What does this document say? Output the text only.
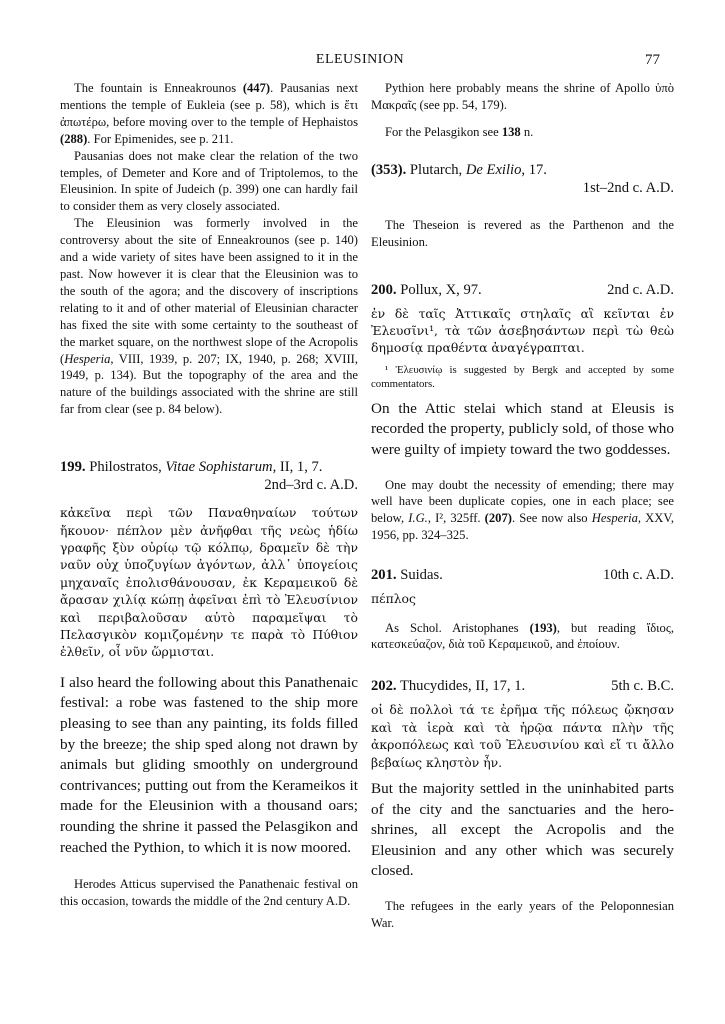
ELEUSINION	77

The fountain is Enneakrounos (447). Pausanias next mentions the temple of Eukleia (see p. 58), which is ἔτι ἀπωτέρω, before moving over to the temple of Hephaistos (288). For Epimenides, see p. 211.

Pausanias does not make clear the relation of the two temples, of Demeter and Kore and of Triptolemos, to the Eleusinion. In spite of Judeich (p. 399) one can hardly fail to consider them as very closely associated.

The Eleusinion was formerly involved in the controversy about the site of Enneakrounos (see p. 140) and a wide variety of sites have been assigned to it in the past. Now however it is clear that the Eleusinion was to the south of the agora; and the discovery of inscriptions relating to it and of other material of Eleusinian character has fixed the site with some certainty to the southeast of the market square, on the northwest slope of the Acropolis (Hesperia, VIII, 1939, p. 207; IX, 1940, p. 268; XVIII, 1949, p. 134). But the topography of the area and the nature of the buildings associated with the shrine are still far from clear (see p. 84 below).

199. Philostratos, Vitae Sophistarum, II, 1, 7.
2nd–3rd c. A.D.

κἀκεῖνα περὶ τῶν Παναθηναίων τούτων ἤκουον· πέπλον μὲν ἀνῆφθαι τῆς νεὼς ἡδίω γραφῆς ξὺν οὐρίῳ τῷ κόλπῳ, δραμεῖν δὲ τὴν ναῦν οὐχ ὑποζυγίων ἀγόντων, ἀλλ᾽ ὑπογείοις μηχαναῖς ἐπολισθάνουσαν, ἐκ Κεραμεικοῦ δὲ ἄρασαν χιλίᾳ κώπῃ ἀφεῖναι ἐπὶ τὸ Ἐλευσίνιον καὶ περιβαλοῦσαν αὐτὸ παραμεῖψαι τὸ Πελασγικὸν κομιζομένην τε παρὰ τὸ Πύθιον ἐλθεῖν, οἷ νῦν ὥρμισται.

I also heard the following about this Panathenaic festival: a robe was fastened to the ship more pleasing to see than any painting, its folds filled by the breeze; the ship sped along not drawn by animals but gliding smoothly on underground contrivances; putting out from the Kerameikos it made for the Eleusinion with a thousand oars; rounding the shrine it passed the Pelasgikon and reached the Pythion, to which it is now moored.

Herodes Atticus supervised the Panathenaic festival on this occasion, towards the middle of the 2nd century A.D.

Pythion here probably means the shrine of Apollo ὑπὸ Μακραῖς (see pp. 54, 179).

For the Pelasgikon see 138 n.

(353). Plutarch, De Exilio, 17.
1st–2nd c. A.D.

The Theseion is revered as the Parthenon and the Eleusinion.

200. Pollux, X, 97.	2nd c. A.D.

ἐν δὲ ταῖς Ἀττικαῖς στηλαῖς αἳ κεῖνται ἐν Ἐλευσῖνι¹, τὰ τῶν ἀσεβησάντων περὶ τὼ θεὼ δημοσίᾳ πραθέντα ἀναγέγραπται.

¹ Ἐλευσινίῳ is suggested by Bergk and accepted by some commentators.

On the Attic stelai which stand at Eleusis is recorded the property, publicly sold, of those who were guilty of impiety toward the two goddesses.

One may doubt the necessity of emending; there may well have been duplicate copies, one in each place; see below, I.G., I², 325ff. (207). See now also Hesperia, XXV, 1956, pp. 324–325.

201. Suidas.	10th c. A.D.

πέπλος

As Schol. Aristophanes (193), but reading ἴδιος, κατεσκεύαζον, διὰ τοῦ Κεραμεικοῦ, and ἐποίουν.

202. Thucydides, II, 17, 1.	5th c. B.C.

οἱ δὲ πολλοὶ τά τε ἐρῆμα τῆς πόλεως ᾤκησαν καὶ τὰ ἱερὰ καὶ τὰ ἡρῷα πάντα πλὴν τῆς ἀκροπόλεως καὶ τοῦ Ἐλευσινίου καὶ εἴ τι ἄλλο βεβαίως κληστὸν ἦν.

But the majority settled in the uninhabited parts of the city and the sanctuaries and the hero-shrines, all except the Acropolis and the Eleusinion and any other which was securely closed.

The refugees in the early years of the Peloponnesian War.
